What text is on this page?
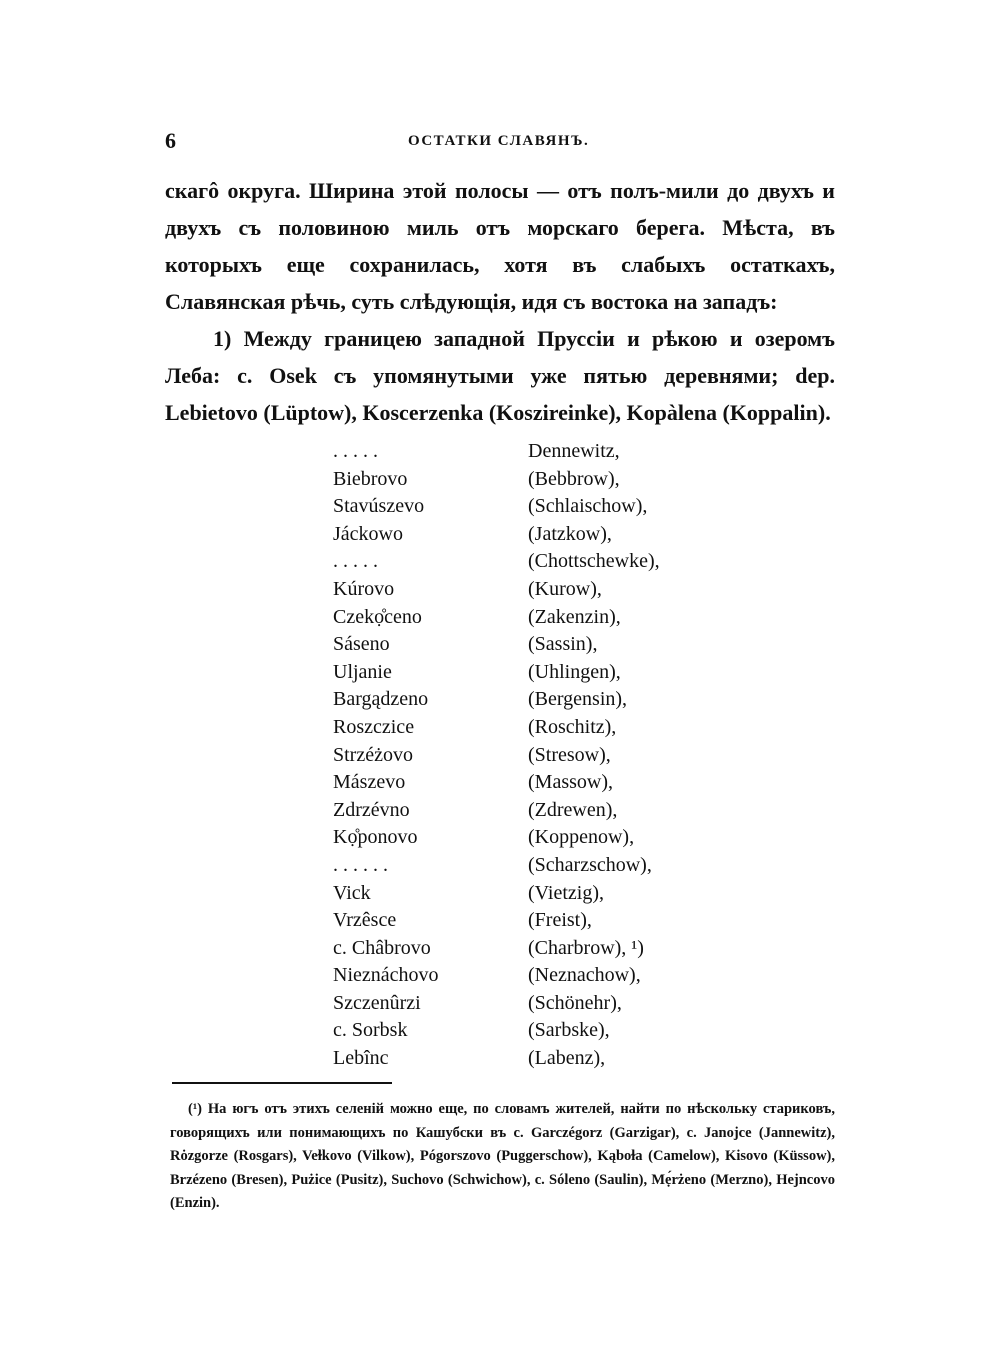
6	ОСТАТКИ СЛАВЯНЪ.

скагô округа. Ширина этой полосы — отъ полъ-мили до двухъ и двухъ съ половиною миль отъ морскаго берега. Мѣста, въ которыхъ еще сохранилась, хотя въ слабыхъ остаткахъ, Славянская рѣчь, суть слѣдующія, идя съ востока на западъ:

1) Между границею западной Пруссіи и рѣкою и озеромъ Леба: с. Osek съ упомянутыми уже пятью деревнями; dep. Lebietovo (Lüptow), Koscerzenka (Koszireinke), Kopàlena (Koppalin).

. . . . .	Dennewitz,
Biebrovo	(Bebbrow),
Stavúszevo	(Schlaischow),
Jáckowo	(Jatzkow),
. . . . .	(Chottschewke),
Kúrovo	(Kurow),
Czekọ̊ceno	(Zakenzin),
Sáseno	(Sassin),
Uljanie	(Uhlingen),
Bargądzeno	(Bergensin),
Roszczice	(Roschitz),
Strzéżovo	(Stresow),
Mászevo	(Massow),
Zdrzévno	(Zdrewen),
Kọ̊ponovo	(Koppenow),
. . . . . .	(Scharzschow),
Vick	(Vietzig),
Vrzêsce	(Freist),
c. Châbrovo	(Charbrow), ¹)
Nieznáchovo	(Neznachow),
Szczenûrzi	(Schönehr),
c. Sorbsk	(Sarbske),
Lebînc	(Labenz),

(¹) На югъ отъ этихъ селеній можно еще, по словамъ жителей, найти по нѣскольку стариковъ, говорящихъ или понимающихъ по Кашубски въ с. Garczégorz (Garzigar), с. Janojce (Jannewitz), Rȯzgorze (Rosgars), Veɫkovo (Vilkow), Pógorszovo (Puggerschow), Kąboɫa (Camelow), Kisovo (Küssow), Brzézeno (Bresen), Pużice (Pusitz), Suchovo (Schwichow), с. Sóleno (Saulin), Mẹ́rżeno (Merzno), Hejncovo (Enzin).
